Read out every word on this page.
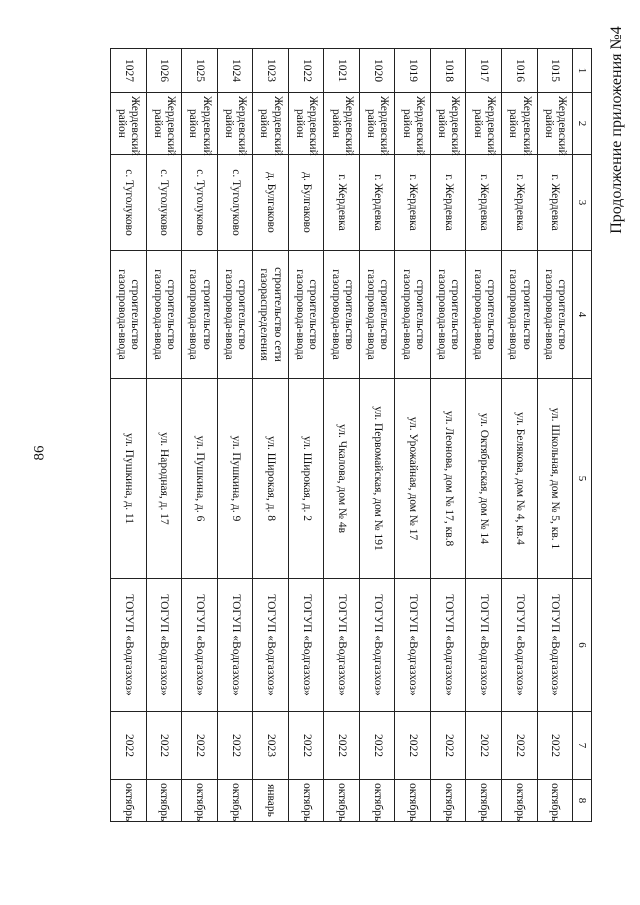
86
Продолжение приложения №4
1	2	3	4	5	6	7	8
1015	Жердевский район	г. Жердевка	строительство газопровода-ввода	ул. Школьная, дом № 5, кв. 1	ТОГУП «Водгазхоз»	2022	октябрь
1016	Жердевский район	г. Жердевка	строительство газопровода-ввода	ул. Белякова, дом № 4, кв.4	ТОГУП «Водгазхоз»	2022	октябрь
1017	Жердевский район	г. Жердевка	строительство газопровода-ввода	ул. Октябрьская, дом № 14	ТОГУП «Водгазхоз»	2022	октябрь
1018	Жердевский район	г. Жердевка	строительство газопровода-ввода	ул. Леонова, дом № 17, кв.8	ТОГУП «Водгазхоз»	2022	октябрь
1019	Жердевский район	г. Жердевка	строительство газопровода-ввода	ул. Урожайная, дом № 17	ТОГУП «Водгазхоз»	2022	октябрь
1020	Жердевский район	г. Жердевка	строительство газопровода-ввода	ул. Первомайская, дом № 191	ТОГУП «Водгазхоз»	2022	октябрь
1021	Жердевский район	г. Жердевка	строительство газопровода-ввода	ул. Чкалова, дом № 4в	ТОГУП «Водгазхоз»	2022	октябрь
1022	Жердевский район	д. Булгаково	строительство газопровода-ввода	ул. Широкая, д. 2	ТОГУП «Водгазхоз»	2022	октябрь
1023	Жердевский район	д. Булгаково	строительство сети газораспределения	ул. Широкая, д. 8	ТОГУП «Водгазхоз»	2023	январь
1024	Жердевский район	с. Туголуково	строительство газопровода-ввода	ул. Пушкина, д. 9	ТОГУП «Водгазхоз»	2022	октябрь
1025	Жердевский район	с. Туголуково	строительство газопровода-ввода	ул. Пушкина, д. 6	ТОГУП «Водгазхоз»	2022	октябрь
1026	Жердевский район	с. Туголуково	строительство газопровода-ввода	ул. Народная, д. 17	ТОГУП «Водгазхоз»	2022	октябрь
1027	Жердевский район	с. Туголуково	строительство газопровода-ввода	ул. Пушкина, д. 11	ТОГУП «Водгазхоз»	2022	октябрь
